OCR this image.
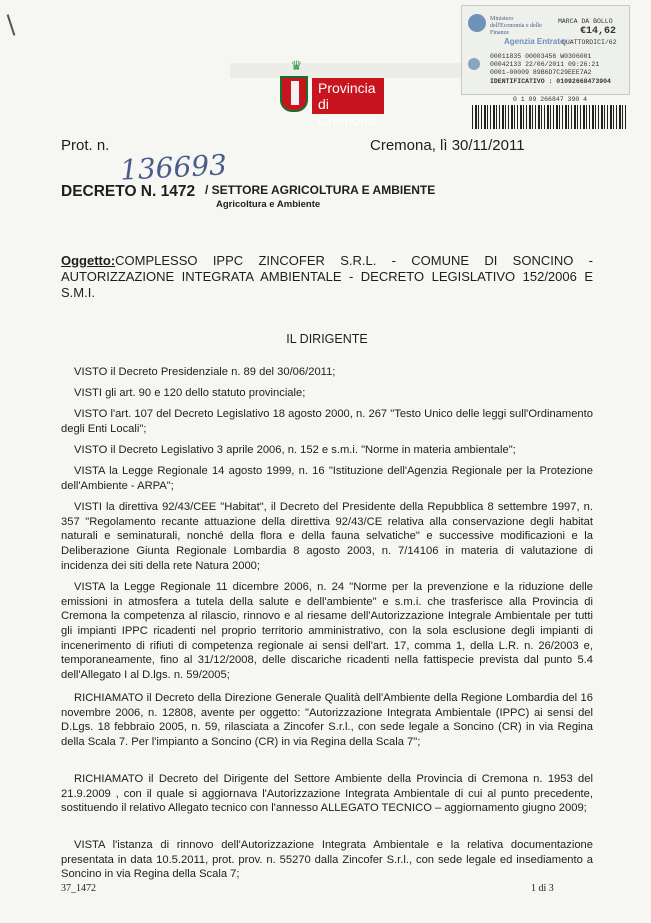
♛
Provincia di Cremona
Ministero dell'Economia e delle Finanze
MARCA DA BOLLO
€14,62
QUATTORDICI/62
Agenzia Entrate
00011835 00003456 W0306001
00042133 22/06/2011 09:26:21
0001-00009 89B6D7C29EEE7A2
IDENTIFICATIVO : 01092668473904
0 1 09 266847 390 4

Prot. n.

136693

Cremona, lì 30/11/2011

DECRETO N. 1472 / SETTORE AGRICOLTURA E AMBIENTE

Agricoltura e Ambiente

Oggetto:COMPLESSO IPPC ZINCOFER S.R.L. - COMUNE DI SONCINO - AUTORIZZAZIONE INTEGRATA AMBIENTALE - DECRETO LEGISLATIVO 152/2006 E S.M.I.

IL DIRIGENTE

VISTO il Decreto Presidenziale n. 89 del 30/06/2011;

VISTI gli art. 90 e 120 dello statuto provinciale;

VISTO l'art. 107 del Decreto Legislativo 18 agosto 2000, n. 267 "Testo Unico delle leggi sull'Ordinamento degli Enti Locali";

VISTO il Decreto Legislativo 3 aprile 2006, n. 152 e s.m.i. "Norme in materia ambientale";

VISTA la Legge Regionale 14 agosto 1999, n. 16 "Istituzione dell'Agenzia Regionale per la Protezione dell'Ambiente - ARPA";

VISTI la direttiva 92/43/CEE "Habitat", il Decreto del Presidente della Repubblica 8 settembre 1997, n. 357 "Regolamento recante attuazione della direttiva 92/43/CE relativa alla conservazione degli habitat naturali e seminaturali, nonché della flora e della fauna selvatiche" e successive modificazioni e la Deliberazione Giunta Regionale Lombardia 8 agosto 2003, n. 7/14106 in materia di valutazione di incidenza dei siti della rete Natura 2000;

VISTA la Legge Regionale 11 dicembre 2006, n. 24 "Norme per la prevenzione e la riduzione delle emissioni in atmosfera a tutela della salute e dell'ambiente" e s.m.i. che trasferisce alla Provincia di Cremona la competenza al rilascio, rinnovo e al riesame dell'Autorizzazione Integrale Ambientale per tutti gli impianti IPPC ricadenti nel proprio territorio amministrativo, con la sola esclusione degli impianti di incenerimento di rifiuti di competenza regionale ai sensi dell'art. 17, comma 1, della L.R. n. 26/2003 e, temporaneamente, fino al 31/12/2008, delle discariche ricadenti nella fattispecie prevista dal punto 5.4 dell'Allegato I al D.lgs. n. 59/2005;

RICHIAMATO il Decreto della Direzione Generale Qualità dell'Ambiente della Regione Lombardia del 16 novembre 2006, n. 12808, avente per oggetto: "Autorizzazione Integrata Ambientale (IPPC) ai sensi del D.Lgs. 18 febbraio 2005, n. 59, rilasciata a Zincofer S.r.l., con sede legale a Soncino (CR) in via Regina della Scala 7. Per l'impianto a Soncino (CR) in via Regina della Scala 7";

RICHIAMATO il Decreto del Dirigente del Settore Ambiente della Provincia di Cremona n. 1953 del 21.9.2009 , con il quale si aggiornava l'Autorizzazione Integrata Ambientale di cui al punto precedente, sostituendo il relativo Allegato tecnico con l'annesso ALLEGATO TECNICO – aggiornamento giugno 2009;

VISTA l'istanza di rinnovo dell'Autorizzazione Integrata Ambientale e la relativa documentazione presentata in data 10.5.2011, prot. prov. n. 55270 dalla Zincofer S.r.l., con sede legale ed insediamento a Soncino in via Regina della Scala 7;

37_1472	1 di 3
